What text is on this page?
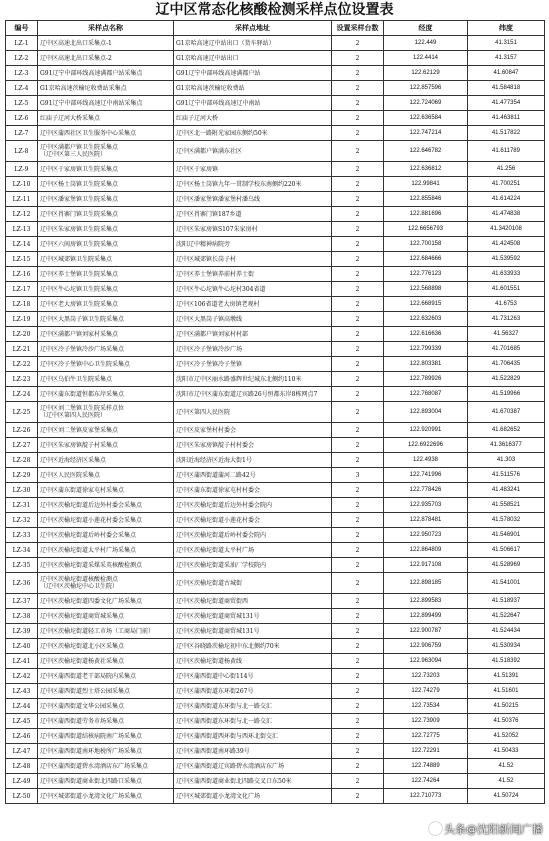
辽中区常态化核酸检测采样点位设置表
编号	采样点名称	采样点地址	设置采样台数	经度	纬度
LZ-1	辽中区高速北出口采集点-1	G1京哈高速辽中站出口（货车驿站）	2	122.449	41.3151
LZ-2	辽中区高速北出口采集点-2	G1京哈高速辽中站出口	2	122.4414	41.3157
LZ-3	G91辽宁中部环线高速满都户站采集点	G91辽宁中部环线高速满都户站	2	122.62129	41.60847
LZ-4	G1京哈高速茨榆坨收费站采集点	G1京哈高速茨榆坨收费站	2	122.857596	41.584818
LZ-5	G91辽宁中部环线高速辽中南站采集点	G91辽宁中部环线高速辽中南站	2	122.724069	41.477354
LZ-6	红庙子辽河大桥采集点	红庙子辽河大桥	2	122.636584	41.463811
LZ-7	辽中区蒲西社区卫生服务中心采集点	辽中区北一路附光家园东侧约50米	2	122.747214	41.517822
LZ-8	辽中区满都户镇卫生院采集点
（辽中区第三人民医院）	辽中区满都户镇满东社区	2	122.646782	41.611789
LZ-9	辽中区于家房镇卫生院采集点	辽中区于家房镇	2	122.636812	41.256
LZ-10	辽中区杨士岗镇卫生院采集点	辽中区杨士岗镇九年一贯制学校东南侧约220米	2	122.99841	41.700251
LZ-11	辽中区潘家堡镇卫生院采集点	辽中区潘家堡镇潘家堡村潘乌线	2	122.855846	41.614224
LZ-12	辽中区肖寨门镇卫生院采集点	辽中区肖寨门镇187乡道	2	122.881696	41.474838
LZ-13	辽中区朱家房镇卫生院采集点	辽中区朱家房镇S107朱家房村	2	122.6656793	41.3420108
LZ-14	辽中区六间房镇卫生院采集点	沈阳辽中精神病院旁	2	122.700158	41.424508
LZ-15	辽中区城郊镇卫生院采集点	辽中区城郊镇长岗子村	2	122.684666	41.539592
LZ-16	辽中区养士堡镇卫生院采集点	辽中区养士堡镇养前村养士街	2	122.776123	41.633933
LZ-17	辽中区牛心坨镇卫生院采集点	辽中区牛心坨镇牛心坨村304省道	2	122.568898	41.601551
LZ-18	辽中区老大房镇卫生院采集点	辽中区106省道老大房镇老观村	2	122.668915	41.6753
LZ-19	辽中区大黑岗子镇卫生院采集点	辽中区大黑岗子镇高墩线	2	122.632603	41.731263
LZ-20	辽中区满都户镇刘家村采集点	辽中区满都户镇刘家村村部	2	122.616636	41.56327
LZ-21	辽中区冷子堡镇冷沙广场采集点	辽中区冷子堡镇冷沙广场	2	122.799339	41.701685
LZ-22	辽中区冷子堡镇中心卫生院采集点	辽中区冷子堡镇冷子堡镇	2	122.803381	41.706435
LZ-23	辽中区乌伯牛卫生院采集点	沈阳市辽中区丽水路盛辉世纪城东北侧约110米	2	122.789926	41.522829
LZ-24	辽中区蒲东街道恒都东岸采集点	沈阳市辽中区蒲东街道辽宾路26号恒都东岸8栋网点7	2	122.768087	41.519966
LZ-25	辽中区刘二堡镇卫生院采样点位
（辽中区第四人民医院）	辽中区第四人民医院	2	122.893004	41.670387
LZ-26	辽中区刘二堡镇皮家堡采集点	辽中区皮家堡村村委会	2	122.920991	41.682652
LZ-27	辽中区朱家房镇靛子村采集点	辽中区朱家房镇靛子村村委会	2	122.6922696	41.3616377
LZ-28	辽中区近海经济区采集点	沈阳近海经济区近海大街1号	2	122.4938	41.303
LZ-29	辽中区人民医院采集点	辽中区蒲西街道蒲河二路42号	3	122.741996	41.511576
LZ-30	辽中区蒲东街道徐家屯村采集点	辽中区蒲东街道徐家屯村村委会	2	122.778426	41.483241
LZ-31	辽中区茨榆坨街道后边外村委会采集点	辽中区茨榆坨街道后边外村委会院内	2	122.935703	41.558521
LZ-32	辽中区茨榆坨街道小莲花村委会采集点	辽中区茨榆坨街道小莲花村委会	2	122.878481	41.578032
LZ-33	辽中区茨榆坨街道后岭村委会采集点	辽中区茨榆坨街道后岭村委会院内	2	122.950723	41.546901
LZ-34	辽中区茨榆坨街道太平村广场采集点	辽中区茨榆坨街道太平村广场	2	122.864809	41.506617
LZ-35	辽中区茨榆坨街道采煤采英核酸检测点	辽中区茨榆坨街道采油厂学校院内	2	122.917108	41.528969
LZ-36	辽中区茨榆坨街道核酸检测点
（辽中区茨榆坨中心卫生院）	辽中区茨榆坨街道古城街	2	122.898185	41.541001
LZ-37	辽中区茨榆坨街道四委文化广场采集点	辽中区茨榆坨街道商贸街西	2	122.899583	41.518937
LZ-38	辽中区茨榆坨街道商贸城采集点	辽中区茨榆坨街道商贸城131号	2	122.899499	41.522647
LZ-39	辽中区茨榆坨街道轻工市场（工商局门前）	辽中区茨榆坨街道商贸城131号	2	122.900787	41.524434
LZ-40	辽中区茨榆坨街道北小区采集点	辽中区谷晓路茨榆坨初中东北侧约70米	2	122.906759	41.530934
LZ-41	辽中区茨榆坨街道杨黄社采集点	辽中区茨榆坨街道杨黄线	2	122.963094	41.518392
LZ-42	辽中区蒲西街道老干部局院内采集点	辽中区蒲西街道中心街114号	2	122.73203	41.51391
LZ-43	辽中区蒲西街道烈士塔公园采集点	辽中区蒲西街道东环街267号	2	122.74279	41.51601
LZ-44	辽中区蒲西街道文华公园采集点	辽中区蒲西街道东环街与北一路交汇	2	122.73534	41.50215
LZ-45	辽中区蒲西街道劳务市场采集点	辽中区蒲西街道东环街与北一路交汇	2	122.73909	41.50376
LZ-46	辽中区蒲西街道结核病院南广场采集点	辽中区蒲西街道西环街与西环北街交汇	2	122.72775	41.52052
LZ-47	辽中区蒲西街道南环地税所广场采集点	辽中区蒲西街道南环路39号	2	122.72291	41.50433
LZ-48	辽中区蒲西街道碧水湾酒店东广场采集点	辽中区蒲西街道辽宾路碧水湾酒店东广场	2	122.74889	41.52
LZ-49	辽中区蒲西街道商业街北四路口采集点	辽中区蒲西街道商业街北四路交叉口东50米	2	122.74264	41.52
LZ-50	辽中区城郊街道小龙湾文化广场采集点	辽中区城郊街道小龙湾文化广场	2	122.710773	41.50724
头条@沈阳新闻广播
